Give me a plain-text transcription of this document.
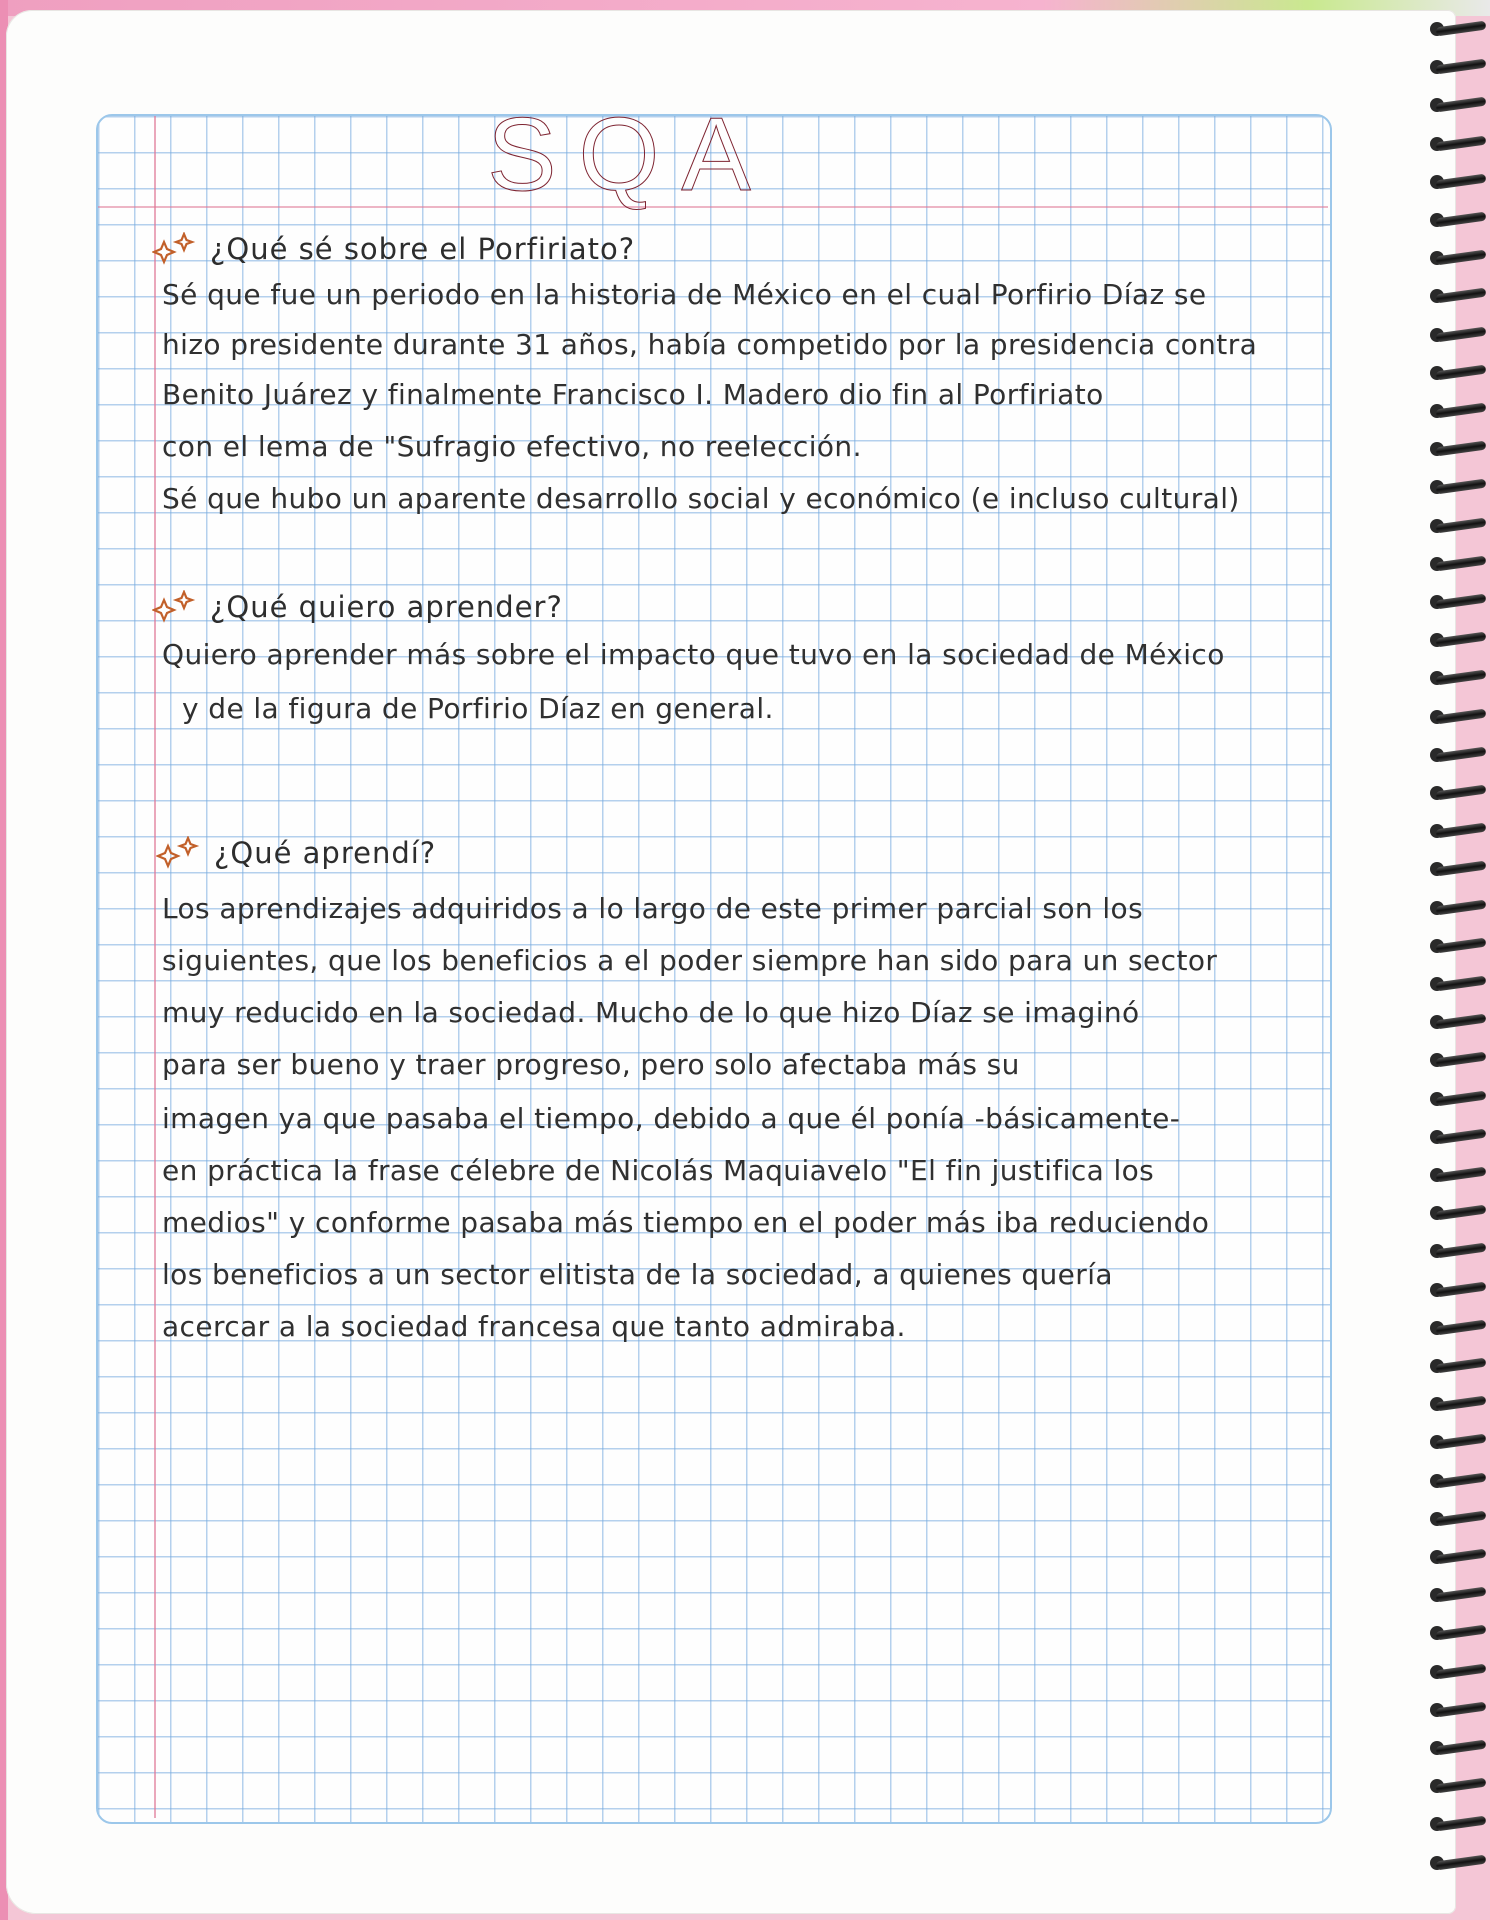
SQA
¿Qué sé sobre el Porfiriato?
Sé que fue un periodo en la historia de México en el cual Porfirio Díaz se
hizo presidente durante 31 años, había competido por la presidencia contra
Benito Juárez y finalmente Francisco I. Madero dio fin al Porfiriato
con el lema de "Sufragio efectivo, no reelección.
Sé que hubo un aparente desarrollo social y económico (e incluso cultural)
¿Qué quiero aprender?
Quiero aprender más sobre el impacto que tuvo en la sociedad de México
y de la figura de Porfirio Díaz en general.
¿Qué aprendí?
Los aprendizajes adquiridos a lo largo de este primer parcial son los
siguientes, que los beneficios a el poder siempre han sido para un sector
muy reducido en la sociedad. Mucho de lo que hizo Díaz se imaginó
para ser bueno y traer progreso, pero solo afectaba más su
imagen ya que pasaba el tiempo, debido a que él ponía -básicamente-
en práctica la frase célebre de Nicolás Maquiavelo "El fin justifica los
medios" y conforme pasaba más tiempo en el poder más iba reduciendo
los beneficios a un sector elitista de la sociedad, a quienes quería
acercar a la sociedad francesa que tanto admiraba.
